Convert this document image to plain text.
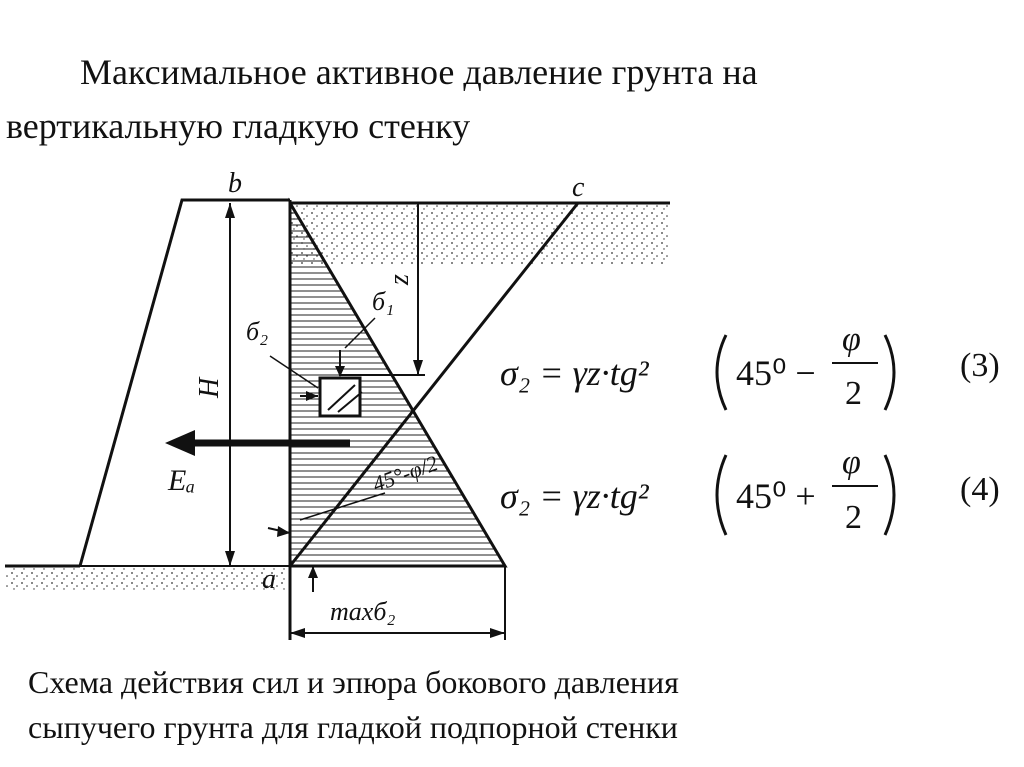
Максимальное активное давление грунта на
вертикальную гладкую стенку
b	c
a
H
z
б₂
б₁
Eₐ	45°-φ/2
maxб₂
σ₂ = γz·tg² 45⁰ −
φ
2
(3)
σ₂ = γz·tg² 45⁰ +
φ
2
(4)
Схема действия сил и эпюра бокового давления
сыпучего грунта для гладкой подпорной стенки
